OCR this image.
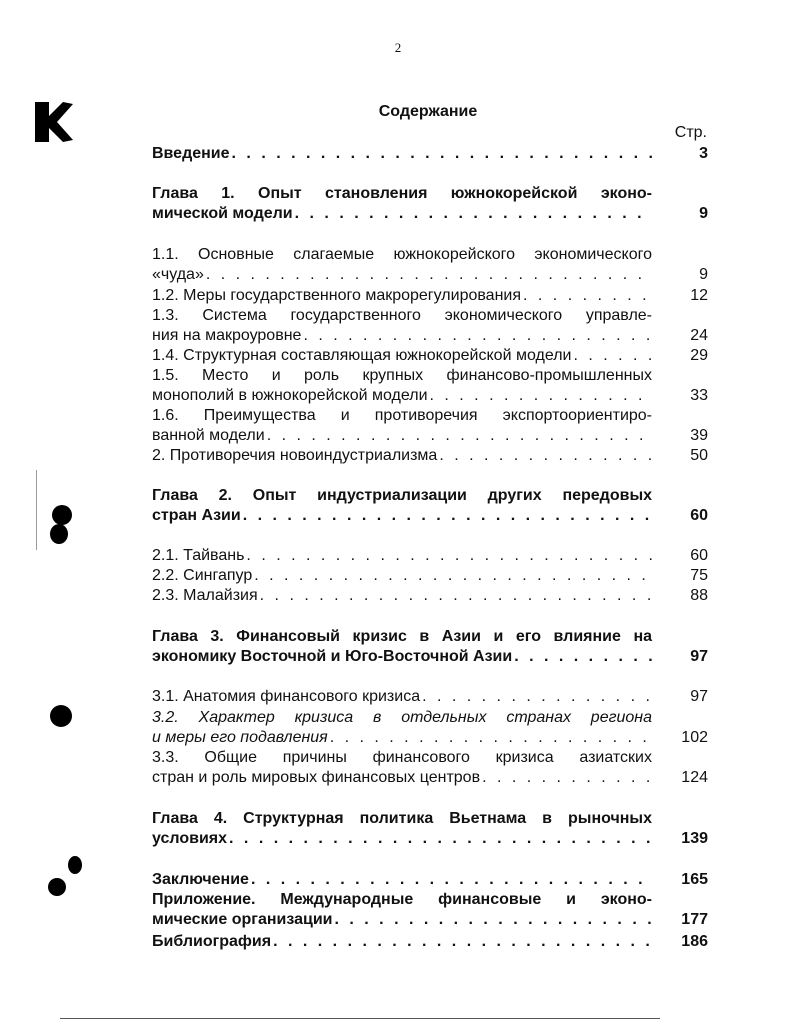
2
Содержание
Стр.
Введение . . .	3
Глава 1. Опыт становления южнокорейской эконо-
мической модели . . .	9
1.1. Основные слагаемые южнокорейского экономического
«чуда» . . .	9
1.2. Меры государственного макрорегулирования . . .	12
1.3. Система государственного экономического управле-
ния на макроуровне . . .	24
1.4. Структурная составляющая южнокорейской модели . . .	29
1.5. Место и роль крупных финансово-промышленных
монополий в южнокорейской модели . . .	33
1.6. Преимущества и противоречия экспортоориентиро-
ванной модели . . .	39
2. Противоречия новоиндустриализма . . .	50
Глава 2. Опыт индустриализации других передовых
стран Азии . . .	60
2.1. Тайвань . . .	60
2.2. Сингапур . . .	75
2.3. Малайзия . . .	88
Глава 3. Финансовый кризис в Азии и его влияние на
экономику Восточной и Юго-Восточной Азии . . .	97
3.1. Анатомия финансового кризиса . . .	97
3.2. Характер кризиса в отдельных странах региона
и меры его подавления . . .	102
3.3. Общие причины финансового кризиса азиатских
стран и роль мировых финансовых центров . . .	124
Глава 4. Структурная политика Вьетнама в рыночных
условиях . . .	139
Заключение . . .	165
Приложение. Международные финансовые и эконо-
мические организации . . .	177
Библиография . . .	186
